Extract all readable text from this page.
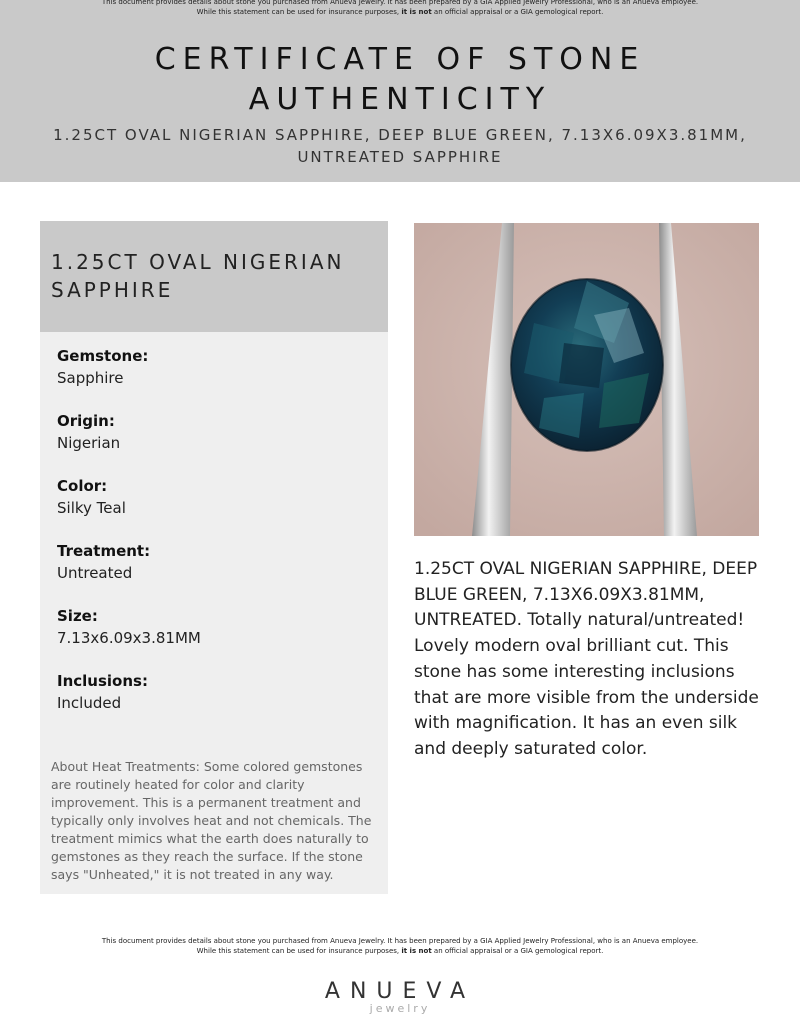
This document provides details about stone you purchased from Anueva Jewelry. It has been prepared by a GIA Applied Jewelry Professional, who is an Anueva employee.
While this statement can be used for insurance purposes, it is not an official appraisal or a GIA gemological report.
CERTIFICATE OF STONE
AUTHENTICITY
1.25CT OVAL NIGERIAN SAPPHIRE, DEEP BLUE GREEN, 7.13X6.09X3.81MM, UNTREATED SAPPHIRE
1.25CT OVAL NIGERIAN SAPPHIRE
Gemstone:
Sapphire
Origin:
Nigerian
Color:
Silky Teal
Treatment:
Untreated
Size:
7.13x6.09x3.81MM
Inclusions:
Included
About Heat Treatments: Some colored gemstones are routinely heated for color and clarity improvement. This is a permanent treatment and typically only involves heat and not chemicals. The treatment mimics what the earth does naturally to gemstones as they reach the surface. If the stone says "Unheated," it is not treated in any way.
1.25CT OVAL NIGERIAN SAPPHIRE, DEEP BLUE GREEN, 7.13X6.09X3.81MM, UNTREATED. Totally natural/untreated! Lovely modern oval brilliant cut. This stone has some interesting inclusions that are more visible from the underside with magnification. It has an even silk and deeply saturated color.
This document provides details about stone you purchased from Anueva Jewelry. It has been prepared by a GIA Applied Jewelry Professional, who is an Anueva employee.
While this statement can be used for insurance purposes, it is not an official appraisal or a GIA gemological report.
ANUEVA
jewelry
